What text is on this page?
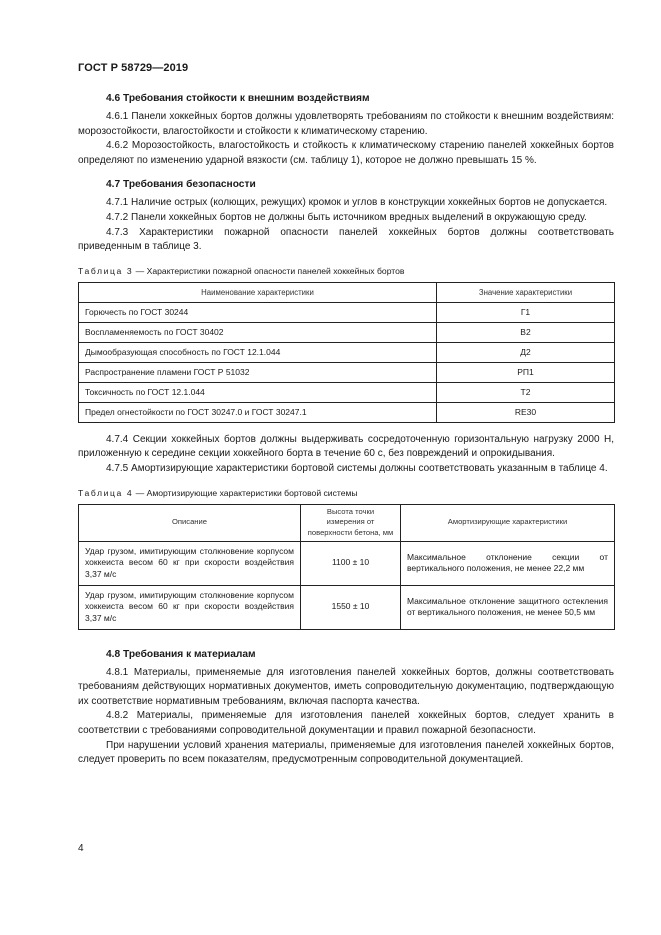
ГОСТ Р 58729—2019
4.6 Требования стойкости к внешним воздействиям

4.6.1 Панели хоккейных бортов должны удовлетворять требованиям по стойкости к внешним воздействиям: морозостойкости, влагостойкости и стойкости к климатическому старению.

4.6.2 Морозостойкость, влагостойкость и стойкость к климатическому старению панелей хоккейных бортов определяют по изменению ударной вязкости (см. таблицу 1), которое не должно превышать 15 %.

4.7 Требования безопасности

4.7.1 Наличие острых (колющих, режущих) кромок и углов в конструкции хоккейных бортов не допускается.

4.7.2 Панели хоккейных бортов не должны быть источником вредных выделений в окружающую среду.

4.7.3 Характеристики пожарной опасности панелей хоккейных бортов должны соответствовать приведенным в таблице 3.

Таблица 3 — Характеристики пожарной опасности панелей хоккейных бортов
Наименование характеристики	Значение характеристики
Горючесть по ГОСТ 30244	Г1
Воспламеняемость по ГОСТ 30402	В2
Дымообразующая способность по ГОСТ 12.1.044	Д2
Распространение пламени ГОСТ Р 51032	РП1
Токсичность по ГОСТ 12.1.044	Т2
Предел огнестойкости по ГОСТ 30247.0 и ГОСТ 30247.1	RE30

4.7.4 Секции хоккейных бортов должны выдерживать сосредоточенную горизонтальную нагрузку 2000 Н, приложенную к середине секции хоккейного борта в течение 60 с, без повреждений и опрокидывания.

4.7.5 Амортизирующие характеристики бортовой системы должны соответствовать указанным в таблице 4.

Таблица 4 — Амортизирующие характеристики бортовой системы
Описание	Высота точки измерения от поверхности бетона, мм	Амортизирующие характеристики
Удар грузом, имитирующим столкновение корпусом хоккеиста весом 60 кг при скорости воздействия 3,37 м/с	1100 ± 10	Максимальное отклонение секции от вертикального положения, не менее 22,2 мм
Удар грузом, имитирующим столкновение корпусом хоккеиста весом 60 кг при скорости воздействия 3,37 м/с	1550 ± 10	Максимальное отклонение защитного остекления от вертикального положения, не менее 50,5 мм
4.8 Требования к материалам

4.8.1 Материалы, применяемые для изготовления панелей хоккейных бортов, должны соответствовать требованиям действующих нормативных документов, иметь сопроводительную документацию, подтверждающую их соответствие нормативным требованиям, включая паспорта качества.

4.8.2 Материалы, применяемые для изготовления панелей хоккейных бортов, следует хранить в соответствии с требованиями сопроводительной документации и правил пожарной безопасности.

При нарушении условий хранения материалы, применяемые для изготовления панелей хоккейных бортов, следует проверить по всем показателям, предусмотренным сопроводительной документацией.

4
